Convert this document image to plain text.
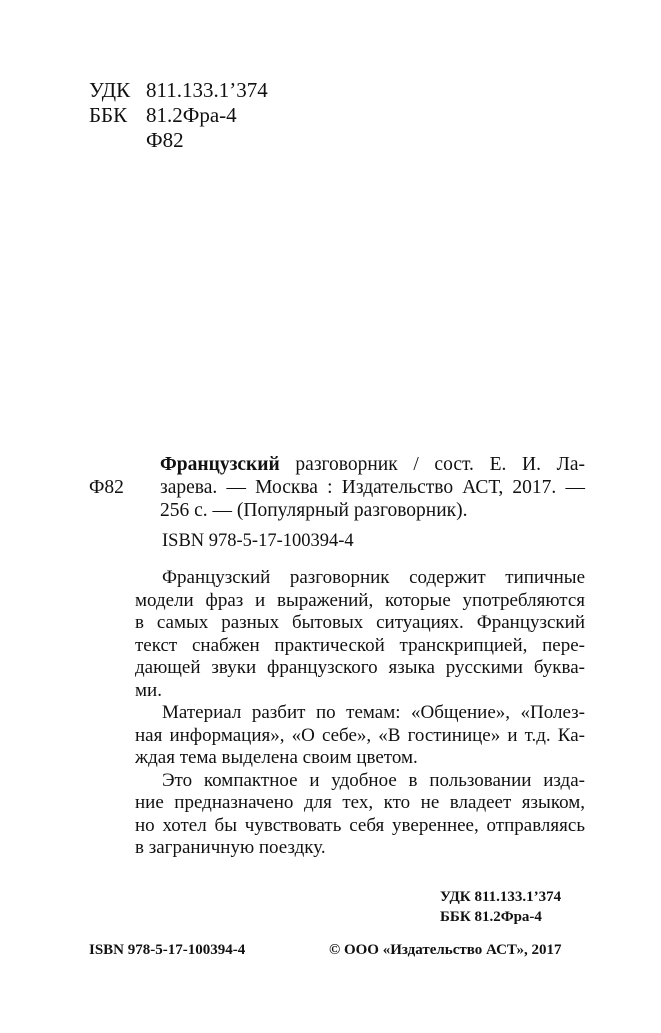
УДК 811.133.1’374
ББК 81.2Фра-4
Ф82
Ф82
Французский разговорник / сост. Е. И. Ла-
зарева. — Москва : Издательство АСТ, 2017. —
256 с. — (Популярный разговорник).
ISBN 978-5-17-100394-4
Французский разговорник содержит типичные
модели фраз и выражений, которые употребляются
в самых разных бытовых ситуациях. Французский
текст снабжен практической транскрипцией, пере-
дающей звуки французского языка русскими буква-
ми.
Материал разбит по темам: «Общение», «Полез-
ная информация», «О себе», «В гостинице» и т.д. Ка-
ждая тема выделена своим цветом.
Это компактное и удобное в пользовании изда-
ние предназначено для тех, кто не владеет языком,
но хотел бы чувствовать себя увереннее, отправляясь
в заграничную поездку.
УДК 811.133.1’374
ББК 81.2Фра-4
ISBN 978-5-17-100394-4	© ООО «Издательство АСТ», 2017
